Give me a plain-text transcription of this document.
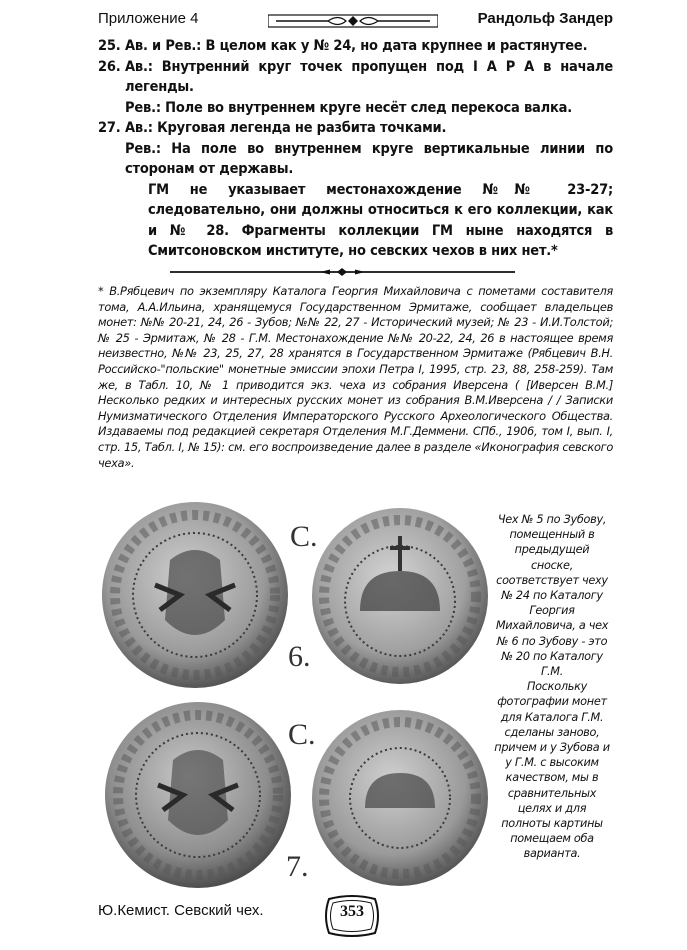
Приложение 4	Рандольф Зандер
25. Ав. и Рев.: В целом как у № 24, но дата крупнее и растянутее.

26. Ав.: Внутренний круг точек пропущен под І А Р А в начале легенды.

Рев.: Поле во внутреннем круге несёт след перекоса валка.

27. Ав.: Круговая легенда не разбита точками.

Рев.: На поле во внутреннем круге вертикальные линии по сторонам от державы.

ГМ не указывает местонахождение №№ 23-27; следовательно, они должны относиться к его коллекции, как и № 28. Фрагменты коллекции ГМ ныне находятся в Смитсоновском институте, но севских чехов в них нет.*

* В.Рябцевич по экземпляру Каталога Георгия Михайловича с пометами составителя тома, А.А.Ильина, хранящемуся Государственном Эрмитаже, сообщает владельцев монет: №№ 20-21, 24, 26 - Зубов; №№ 22, 27 - Исторический музей; № 23 - И.И.Толстой; № 25 - Эрмитаж, № 28 - Г.М. Местонахождение №№ 20-22, 24, 26 в настоящее время неизвестно, №№ 23, 25, 27, 28 хранятся в Государственном Эрмитаже (Рябцевич В.Н. Российско-"польские" монетные эмиссии эпохи Петра I, 1995, стр. 23, 88, 258-259). Там же, в Табл. 10, № 1 приводится экз. чеха из собрания Иверсена ( [Иверсен В.М.] Несколько редких и интересных русских монет из собрания В.М.Иверсена / / Записки Нумизматического Отделения Императорского Русского Археологического Общества. Издаваемы под редакцией секретаря Отделения М.Г.Деммени. СПб., 1906, том I, вып. I, стр. 15, Табл. I, № 15): см. его воспроизведение далее в разделе «Иконография севского чеха».
С.
6.
С.
7.

Чех № 5 по Зубову, помещенный в предыдущей сноске, соответствует чеху № 24 по Каталогу Георгия Михайловича, а чех № 6 по Зубову - это № 20 по Каталогу Г.М.

Поскольку фотографии монет для Каталога Г.М. сделаны заново, причем и у Зубова и у Г.М. с высоким качеством, мы в сравнительных целях и для полноты картины помещаем оба варианта.

Ю.Кемист. Севский чех.	353
